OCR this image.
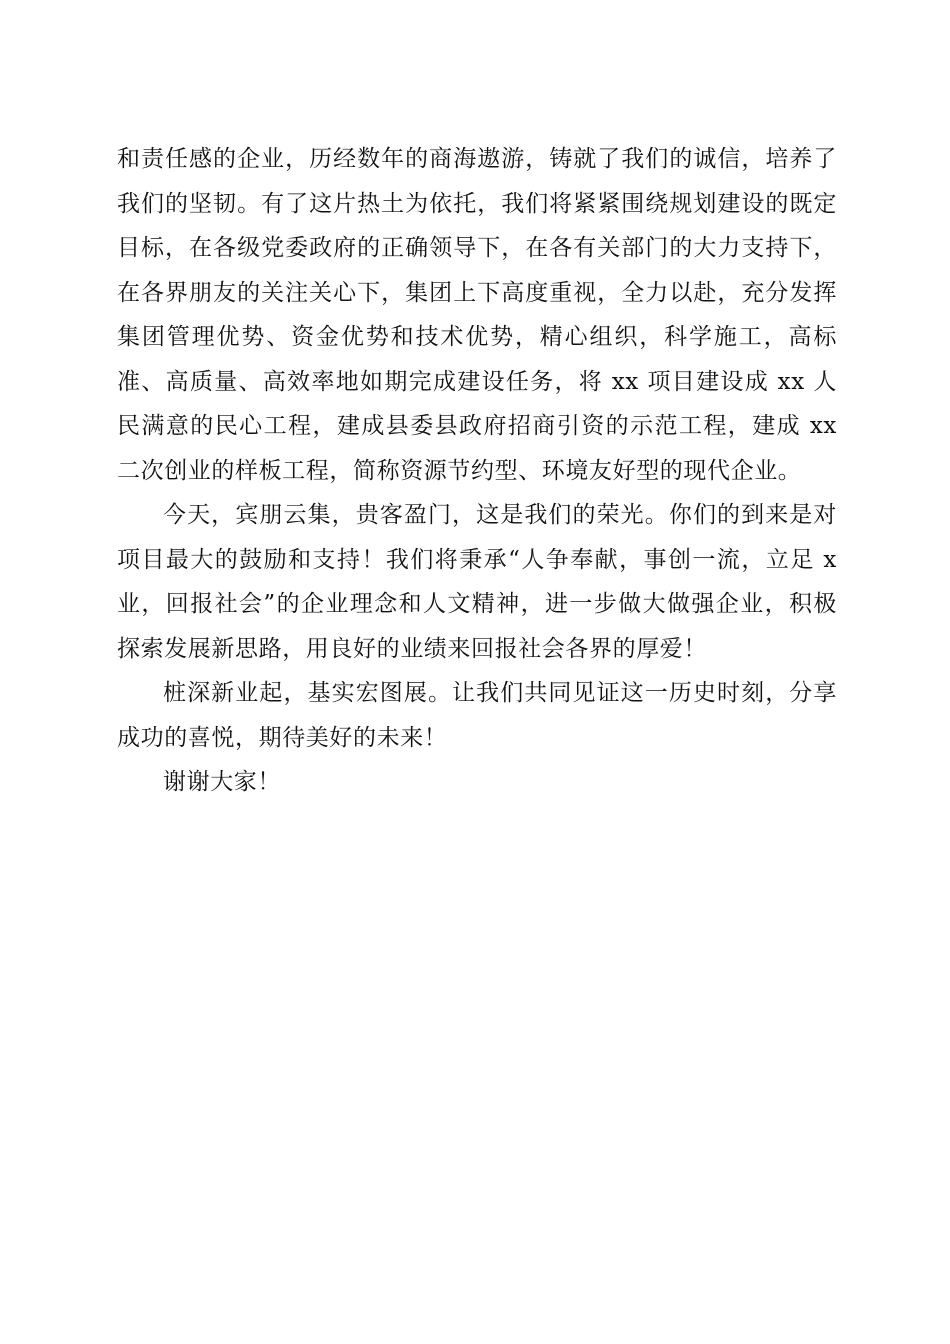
和责任感的企业，历经数年的商海遨游，铸就了我们的诚信，培养了我们的坚韧。有了这片热土为依托，我们将紧紧围绕规划建设的既定目标，在各级党委政府的正确领导下，在各有关部门的大力支持下，在各界朋友的关注关心下，集团上下高度重视，全力以赴，充分发挥集团管理优势、资金优势和技术优势，精心组织，科学施工，高标准、高质量、高效率地如期完成建设任务，将 xx 项目建设成 xx 人民满意的民心工程，建成县委县政府招商引资的示范工程，建成 xx 二次创业的样板工程，简称资源节约型、环境友好型的现代企业。

今天，宾朋云集，贵客盈门，这是我们的荣光。你们的到来是对项目最大的鼓励和支持！我们将秉承“人争奉献，事创一流，立足 x 业，回报社会”的企业理念和人文精神，进一步做大做强企业，积极探索发展新思路，用良好的业绩来回报社会各界的厚爱！

桩深新业起，基实宏图展。让我们共同见证这一历史时刻，分享成功的喜悦，期待美好的未来！

谢谢大家！
